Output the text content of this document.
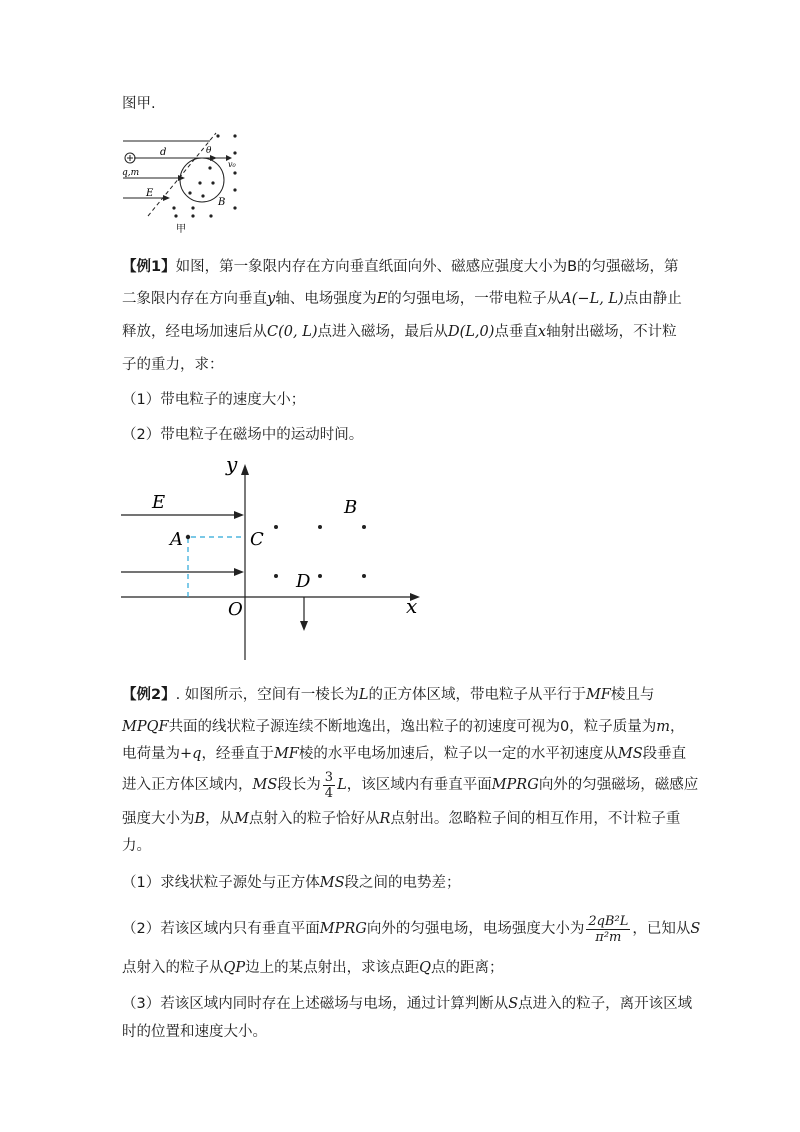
图甲.
d	θ
v₀
q,m
E
B
甲
【例1】如图，第一象限内存在方向垂直纸面向外、磁感应强度大小为B的匀强磁场，第
二象限内存在方向垂直y轴、电场强度为E的匀强电场，一带电粒子从A(−L, L)点由静止
释放，经电场加速后从C(0, L)点进入磁场，最后从D(L,0)点垂直x轴射出磁场，不计粒
子的重力，求：
（1）带电粒子的速度大小；
（2）带电粒子在磁场中的运动时间。
y
x
O
E	B
A	C
D
【例2】. 如图所示，空间有一棱长为L的正方体区域，带电粒子从平行于MF棱且与
MPQF共面的线状粒子源连续不断地逸出，逸出粒子的初速度可视为0，粒子质量为m，
电荷量为+q，经垂直于MF棱的水平电场加速后，粒子以一定的水平初速度从MS段垂直
进入正方体区域内，MS段长为 $\frac{3}{4}$ L，该区域内有垂直平面MPRG向外的匀强磁场，磁感应
强度大小为B，从M点射入的粒子恰好从R点射出。忽略粒子间的相互作用，不计粒子重
力。
（1）求线状粒子源处与正方体MS段之间的电势差；
（2）若该区域内只有垂直平面MPRG向外的匀强电场，电场强度大小为 $\frac{\text{2qB²L}}{\text{π²m}}$ ，已知从S
点射入的粒子从QP边上的某点射出，求该点距Q点的距离；
（3）若该区域内同时存在上述磁场与电场，通过计算判断从S点进入的粒子，离开该区域
时的位置和速度大小。
